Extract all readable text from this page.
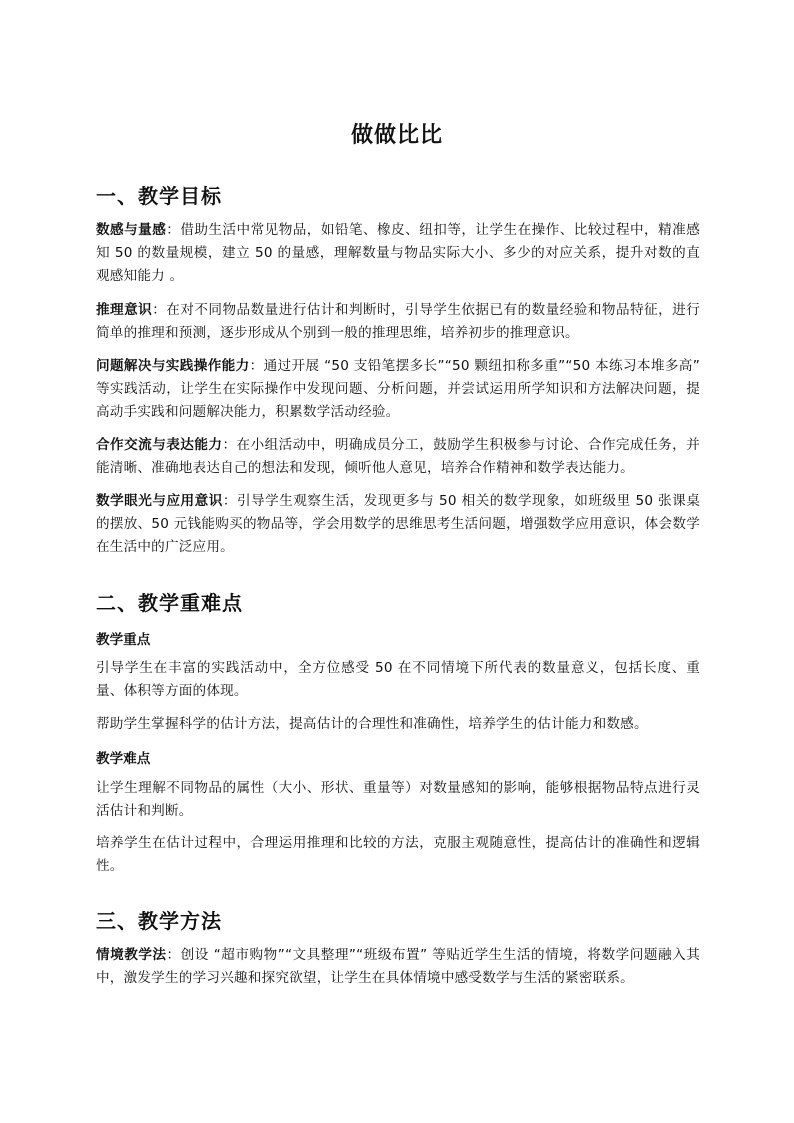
做做比比
一、教学目标

数感与量感：借助生活中常见物品，如铅笔、橡皮、纽扣等，让学生在操作、比较过程中，精准感知 50 的数量规模，建立 50 的量感，理解数量与物品实际大小、多少的对应关系，提升对数的直观感知能力 。

推理意识：在对不同物品数量进行估计和判断时，引导学生依据已有的数量经验和物品特征，进行简单的推理和预测，逐步形成从个别到一般的推理思维，培养初步的推理意识。

问题解决与实践操作能力：通过开展 “50 支铅笔摆多长”“50 颗纽扣称多重”“50 本练习本堆多高” 等实践活动，让学生在实际操作中发现问题、分析问题，并尝试运用所学知识和方法解决问题，提高动手实践和问题解决能力，积累数学活动经验。

合作交流与表达能力：在小组活动中，明确成员分工，鼓励学生积极参与讨论、合作完成任务，并能清晰、准确地表达自己的想法和发现，倾听他人意见，培养合作精神和数学表达能力。

数学眼光与应用意识：引导学生观察生活，发现更多与 50 相关的数学现象，如班级里 50 张课桌的摆放、50 元钱能购买的物品等，学会用数学的思维思考生活问题，增强数学应用意识，体会数学在生活中的广泛应用。

二、教学重难点
教学重点

引导学生在丰富的实践活动中，全方位感受 50 在不同情境下所代表的数量意义，包括长度、重量、体积等方面的体现。

帮助学生掌握科学的估计方法，提高估计的合理性和准确性，培养学生的估计能力和数感。

教学难点

让学生理解不同物品的属性（大小、形状、重量等）对数量感知的影响，能够根据物品特点进行灵活估计和判断。

培养学生在估计过程中，合理运用推理和比较的方法，克服主观随意性，提高估计的准确性和逻辑性。

三、教学方法

情境教学法：创设 “超市购物”“文具整理”“班级布置” 等贴近学生生活的情境，将数学问题融入其中，激发学生的学习兴趣和探究欲望，让学生在具体情境中感受数学与生活的紧密联系。
